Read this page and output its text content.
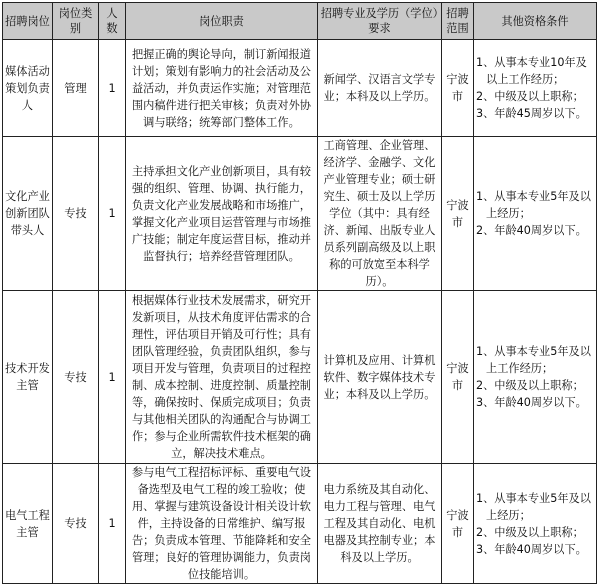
招聘岗位	岗位类别	人数	岗位职责	招聘专业及学历（学位）要求	招聘范围	其他资格条件
媒体活动策划负责人	管理	1	把握正确的舆论导向，制订新闻报道计划；策划有影响力的社会活动及公益活动，并负责运作实施；对管理范围内稿件进行把关审核；负责对外协调与联络；统筹部门整体工作。	新闻学、汉语言文学专业；本科及以上学历。	宁波市	1、从事本专业10年及以上工作经历；
2、中级及以上职称；
3、年龄45周岁以下。

文化产业创新团队带头人	专技	1	主持承担文化产业创新项目，具有较强的组织、管理、协调、执行能力，负责文化产业发展战略和市场推广，掌握文化产业项目运营管理与市场推广技能；制定年度运营目标，推动并监督执行；培养经营管理团队。	工商管理、企业管理、经济学、金融学、文化产业管理专业；硕士研究生、硕士及以上学历学位（其中：具有经济、新闻、出版专业人员系列副高级及以上职称的可放宽至本科学历）。	宁波市	1、从事本专业5年及以上经历；
2、年龄40周岁以下。

技术开发主管	专技	1	根据媒体行业技术发展需求，研究开发新项目，从技术角度评估需求的合理性，评估项目开销及可行性；具有团队管理经验，负责团队组织，参与项目开发与管理，负责项目的过程控制、成本控制、进度控制、质量控制等，确保按时、保质完成项目；负责与其他相关团队的沟通配合与协调工作；参与企业所需软件技术框架的确立，解决技术难点。	计算机及应用、计算机软件、数字媒体技术专业；本科及以上学历。	宁波市	1、从事本专业5年及以上工作经历；
2、中级及以上职称；
3、年龄40周岁以下。

电气工程主管	专技	1	参与电气工程招标评标、重要电气设备选型及电气工程的竣工验收；使用、掌握与建筑设备设计相关设计软件，主持设备的日常维护、编写报告；负责成本管理、节能降耗和安全管理；良好的管理协调能力，负责岗位技能培训。	电力系统及其自动化、电力工程与管理、电气工程及其自动化、电机电器及其控制专业；本科及以上学历。	宁波市	1、从事本专业5年及以上经历；
2、中级及以上职称；
3、年龄40周岁以下。
